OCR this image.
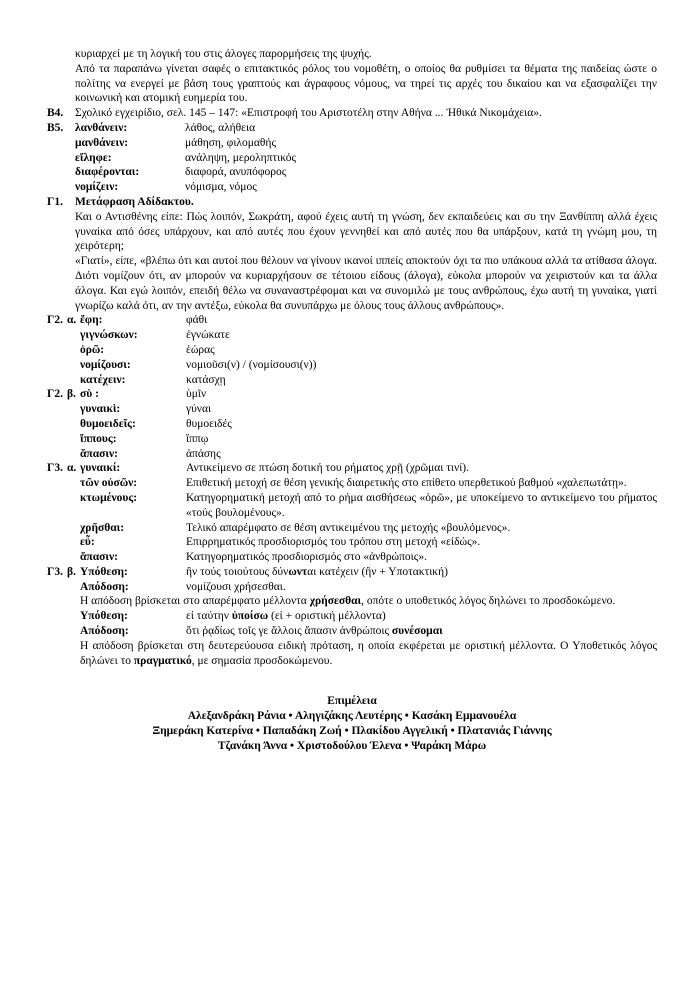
κυριαρχεί με τη λογική του στις άλογες παρορμήσεις της ψυχής.

Από τα παραπάνω γίνεται σαφές ο επιτακτικός ρόλος του νομοθέτη, ο οποίος θα ρυθμίσει τα θέματα της παιδείας ώστε ο πολίτης να ενεργεί με βάση τους γραπτούς και άγραφους νόμους, να τηρεί τις αρχές του δικαίου και να εξασφαλίζει την κοινωνική και ατομική ευημερία του.

Β4.	Σχολικό εγχειρίδιο, σελ. 145 – 147: «Επιστροφή του Αριστοτέλη στην Αθήνα ... Ἠθικά Νικομάχεια».

Β5.	λανθάνειν:	λάθος, αλήθεια
μανθάνειν:	μάθηση, φιλομαθής
εἴληφε:	ανάληψη, μεροληπτικός
διαφέρονται:	διαφορά, ανυπόφορος
νομίζειν:	νόμισμα, νόμος
Γ1.	Μετάφραση Αδίδακτου.

Και ο Αντισθένης είπε: Πώς λοιπόν, Σωκράτη, αφού έχεις αυτή τη γνώση, δεν εκπαιδεύεις και συ την Ξανθίππη αλλά έχεις γυναίκα από όσες υπάρχουν, και από αυτές που έχουν γεννηθεί και από αυτές που θα υπάρξουν, κατά τη γνώμη μου, τη χειρότερη;

«Γιατί», είπε, «βλέπω ότι και αυτοί που θέλουν να γίνουν ικανοί ιππείς αποκτούν όχι τα πιο υπάκουα αλλά τα ατίθασα άλογα. Διότι νομίζουν ότι, αν μπορούν να κυριαρχήσουν σε τέτοιου είδους (άλογα), εύκολα μπορούν να χειριστούν και τα άλλα άλογα. Και εγώ λοιπόν, επειδή θέλω να συναναστρέφομαι και να συνομιλώ με τους ανθρώπους, έχω αυτή τη γυναίκα, γιατί γνωρίζω καλά ότι, αν την αντέξω, εύκολα θα συνυπάρχω με όλους τους άλλους ανθρώπους».

Γ2. α. ἔφη:	φάθι
γιγνώσκων:	ἐγνώκατε
ὁρῶ:	ἑώρας
νομίζουσι:	νομιοῦσι(ν) / (νομίσουσι(ν))
κατέχειν:	κατάσχῃ
Γ2. β. σὺ :	ὑμῖν
γυναικὶ:	γύναι
θυμοειδεῖς:	θυμοειδές
ἵππους:	ἵππῳ
ἅπασιν:	ἁπάσης
Γ3. α. γυναικί:	Αντικείμενο σε πτώση δοτική του ρήματος χρῇ (χρῶμαι τινί).
τῶν οὐσῶν:	Επιθετική μετοχή σε θέση γενικής διαιρετικής στο επίθετο υπερθετικού βαθμού «χαλεπωτάτῃ».
κτωμένους:	Κατηγορηματική μετοχή από το ρήμα αισθήσεως «ὁρῶ», με υποκείμενο το αντικείμενο του ρήματος «τούς βουλομένους».
χρῆσθαι:	Τελικό απαρέμφατο σε θέση αντικειμένου της μετοχής «βουλόμενος».
εὖ:	Επιρρηματικός προσδιορισμός του τρόπου στη μετοχή «εἰδώς».
ἅπασιν:	Κατηγορηματικός προσδιορισμός στο «ἀνθρώποις».
Γ3. β. Υπόθεση:	ἢν τούς τοιούτους δύνωνται κατέχειν (ἢν + Υποτακτική)
Απόδοση:	νομίζουσι χρήσεσθαι.

Η απόδοση βρίσκεται στο απαρέμφατο μέλλοντα χρήσεσθαι, οπότε ο υποθετικός λόγος δηλώνει το προσδοκώμενο.

Υπόθεση:	εἰ ταύτην ὑποίσω (εἰ + οριστική μέλλοντα)
Απόδοση:	ὅτι ῥᾳδίως τοῖς γε ἄλλοις ἅπασιν ἀνθρώποις συνέσομαι

Η απόδοση βρίσκεται στη δευτερεύουσα ειδική πρόταση, η οποία εκφέρεται με οριστική μέλλοντα. Ο Υποθετικός λόγος δηλώνει το πραγματικό, με σημασία προσδοκώμενου.

Επιμέλεια
Αλεξανδράκη Ράνια • Αληγιζάκης Λευτέρης • Κασάκη Εμμανουέλα
Ξημεράκη Κατερίνα • Παπαδάκη Ζωή • Πλακίδου Αγγελική • Πλατανιάς Γιάννης
Τζανάκη Άννα • Χριστοδούλου Έλενα • Ψαράκη Μάρω
